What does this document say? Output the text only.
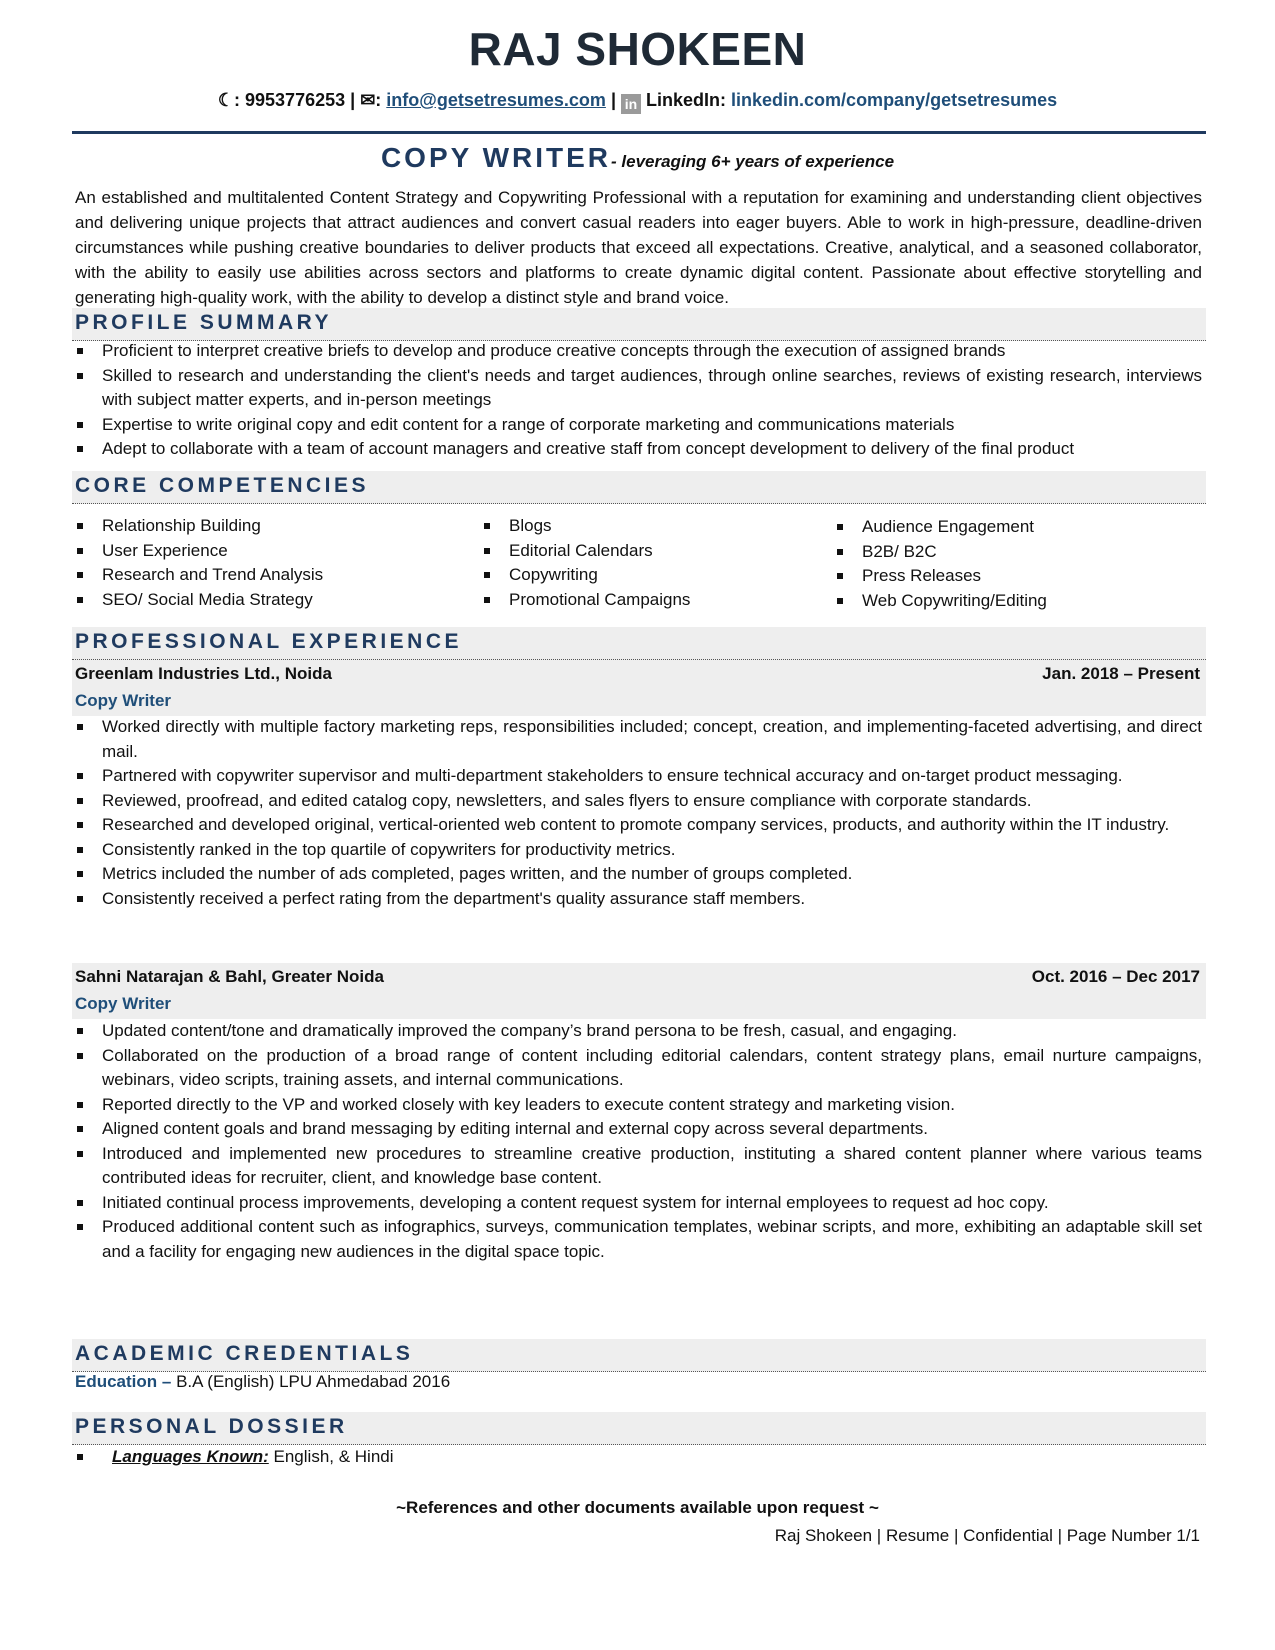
RAJ SHOKEEN
☾: 9953776253 | ✉: info@getsetresumes.com | in LinkedIn: linkedin.com/company/getsetresumes
COPY WRITER- leveraging 6+ years of experience
An established and multitalented Content Strategy and Copywriting Professional with a reputation for examining and understanding client objectives and delivering unique projects that attract audiences and convert casual readers into eager buyers. Able to work in high-pressure, deadline-driven circumstances while pushing creative boundaries to deliver products that exceed all expectations. Creative, analytical, and a seasoned collaborator, with the ability to easily use abilities across sectors and platforms to create dynamic digital content. Passionate about effective storytelling and generating high-quality work, with the ability to develop a distinct style and brand voice.
PROFILE SUMMARY
Proficient to interpret creative briefs to develop and produce creative concepts through the execution of assigned brands
Skilled to research and understanding the client's needs and target audiences, through online searches, reviews of existing research, interviews with subject matter experts, and in-person meetings
Expertise to write original copy and edit content for a range of corporate marketing and communications materials
Adept to collaborate with a team of account managers and creative staff from concept development to delivery of the final product
CORE COMPETENCIES
Relationship Building
User Experience
Research and Trend Analysis
SEO/ Social Media Strategy
Blogs
Editorial Calendars
Copywriting
Promotional Campaigns
Audience Engagement
B2B/ B2C
Press Releases
Web Copywriting/Editing
PROFESSIONAL EXPERIENCE
Greenlam Industries Ltd., Noida	Jan. 2018 – Present
Copy Writer
Worked directly with multiple factory marketing reps, responsibilities included; concept, creation, and implementing-faceted advertising, and direct mail.
Partnered with copywriter supervisor and multi-department stakeholders to ensure technical accuracy and on-target product messaging.
Reviewed, proofread, and edited catalog copy, newsletters, and sales flyers to ensure compliance with corporate standards.
Researched and developed original, vertical-oriented web content to promote company services, products, and authority within the IT industry.
Consistently ranked in the top quartile of copywriters for productivity metrics.
Metrics included the number of ads completed, pages written, and the number of groups completed.
Consistently received a perfect rating from the department's quality assurance staff members.
Sahni Natarajan & Bahl, Greater Noida	Oct. 2016 – Dec 2017
Copy Writer
Updated content/tone and dramatically improved the company’s brand persona to be fresh, casual, and engaging.
Collaborated on the production of a broad range of content including editorial calendars, content strategy plans, email nurture campaigns, webinars, video scripts, training assets, and internal communications.
Reported directly to the VP and worked closely with key leaders to execute content strategy and marketing vision.
Aligned content goals and brand messaging by editing internal and external copy across several departments.
Introduced and implemented new procedures to streamline creative production, instituting a shared content planner where various teams contributed ideas for recruiter, client, and knowledge base content.
Initiated continual process improvements, developing a content request system for internal employees to request ad hoc copy.
Produced additional content such as infographics, surveys, communication templates, webinar scripts, and more, exhibiting an adaptable skill set and a facility for engaging new audiences in the digital space topic.
ACADEMIC CREDENTIALS
Education – B.A (English) LPU Ahmedabad 2016
PERSONAL DOSSIER
Languages Known: English, & Hindi
~References and other documents available upon request ~
Raj Shokeen | Resume | Confidential | Page Number 1/1
